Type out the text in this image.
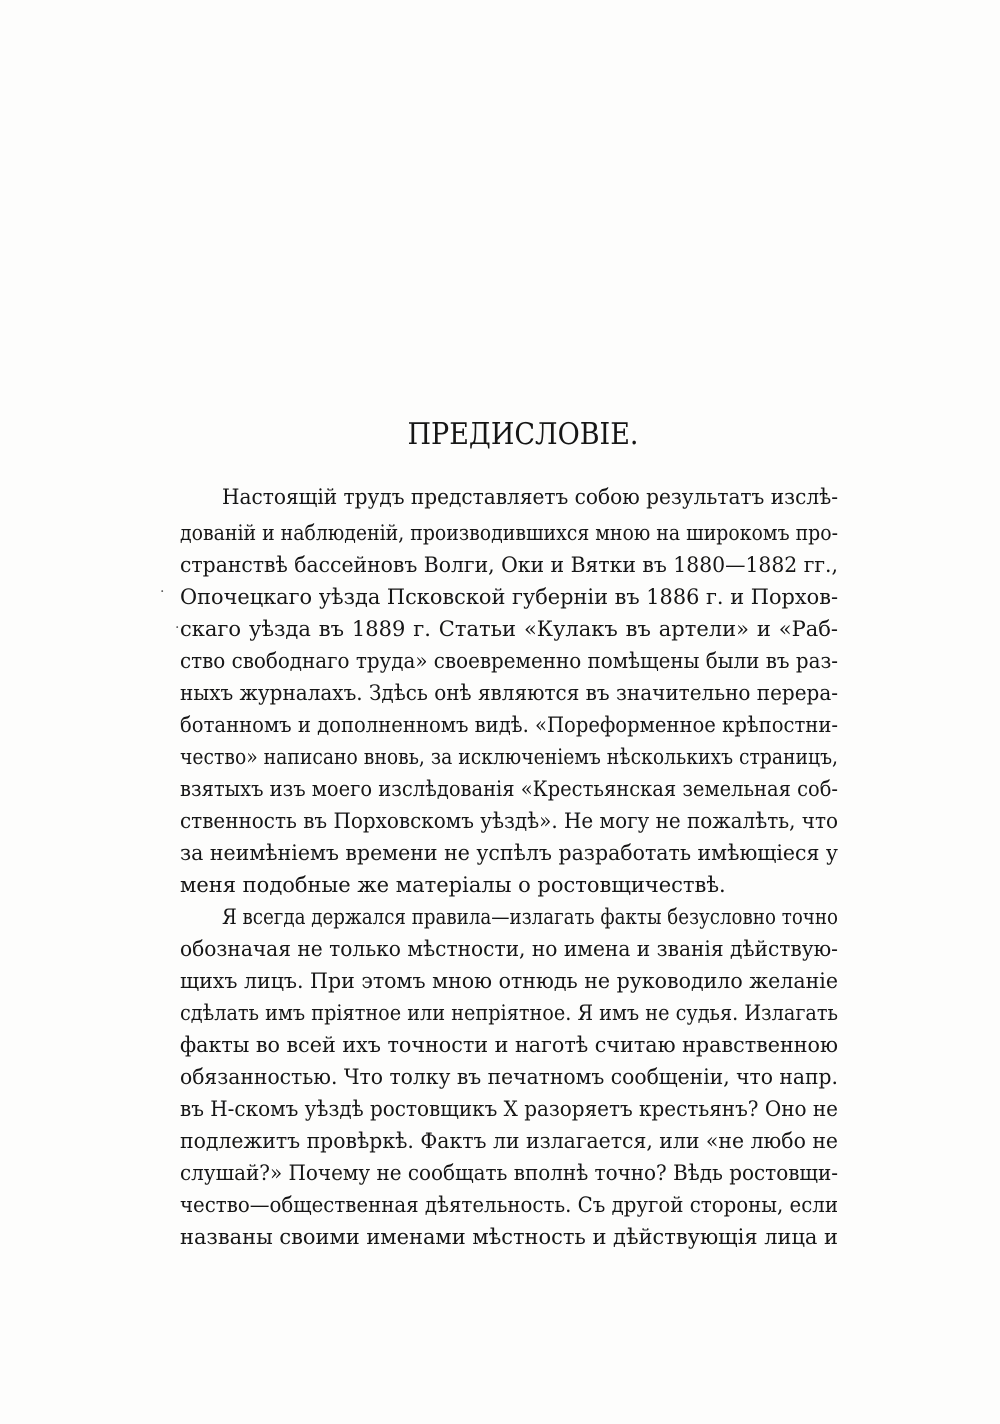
ПРЕДИСЛОВІЕ.
·
·
Настоящій трудъ представляетъ собою результатъ изслѣ-
дованій и наблюденій, производившихся мною на широкомъ про-
странствѣ бассейновъ Волги, Оки и Вятки въ 1880—1882 гг.,
Опочецкаго уѣзда Псковской губерніи въ 1886 г. и Порхов-
скаго уѣзда въ 1889 г. Статьи «Кулакъ въ артели» и «Раб-
ство свободнаго труда» своевременно помѣщены были въ раз-
ныхъ журналахъ. Здѣсь онѣ являются въ значительно перера-
ботанномъ и дополненномъ видѣ. «Пореформенное крѣпостни-
чество» написано вновь, за исключеніемъ нѣсколькихъ страницъ,
взятыхъ изъ моего изслѣдованія «Крестьянская земельная соб-
ственность въ Порховскомъ уѣздѣ». Не могу не пожалѣть, что
за неимѣніемъ времени не успѣлъ разработать имѣющіеся у
меня подобные же матеріалы о ростовщичествѣ.
Я всегда держался правила—излагать факты безусловно точно
обозначая не только мѣстности, но имена и званія дѣйствую-
щихъ лицъ. При этомъ мною отнюдь не руководило желаніе
сдѣлать имъ пріятное или непріятное. Я имъ не судья. Излагать
факты во всей ихъ точности и наготѣ считаю нравственною
обязанностью. Что толку въ печатномъ сообщеніи, что напр.
въ Н-скомъ уѣздѣ ростовщикъ Х разоряетъ крестьянъ? Оно не
подлежитъ провѣркѣ. Фактъ ли излагается, или «не любо не
слушай?» Почему не сообщать вполнѣ точно? Вѣдь ростовщи-
чество—общественная дѣятельность. Съ другой стороны, если
названы своими именами мѣстность и дѣйствующія лица и
